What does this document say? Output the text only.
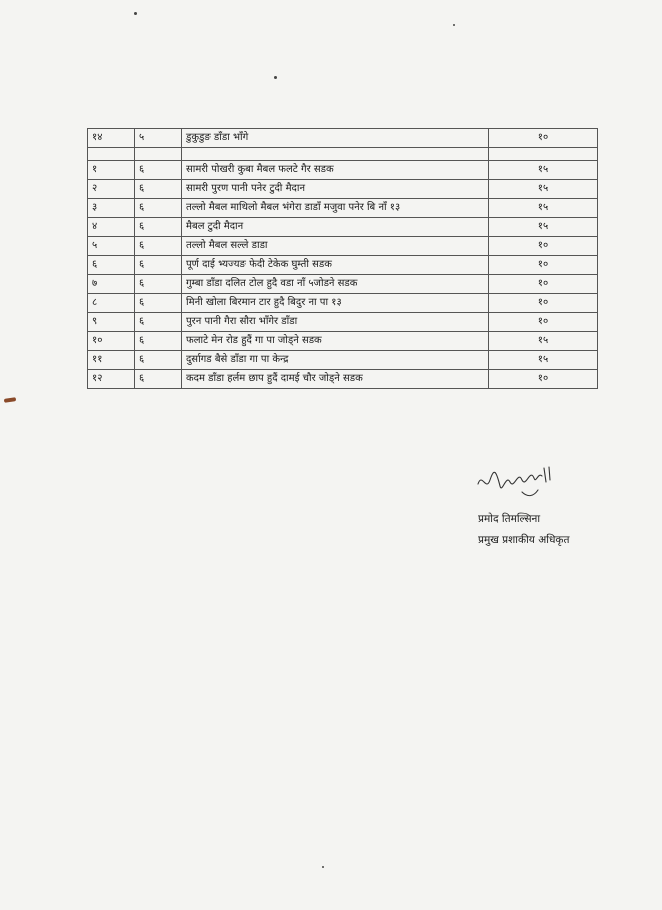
१४	५	डुकुडुङ डाँडा भाँगे	१०

१	६	सामरी पोखरी कुबा मैबल फलटे गैर सडक	१५
२	६	सामरी पुरण पानी पनेर टुदी मैदान	१५
३	६	तल्लो मैबल माथिलो मैबल भंगेरा डाडाँ मजुवा पनेर बि नाँ १३	१५
४	६	मैबल टुदी मैदान	१५
५	६	तल्लो मैबल सल्ले डाडा	१०
६	६	पूर्ण दाई भ्यज्यङ फेदी टेकेक घुम्ती सडक	१०
७	६	गुम्बा डाँडा दलित टोल हुदै वडा नाँ ५जोडने सडक	१०
८	६	मिनी खोला बिरमान टार हुदै बिदुर ना पा १३	१०
९	६	पुरन पानी गैरा सौरा भाँगेर डाँडा	१०
१०	६	फलाटे मेन रोड हुदैं गा पा जोड्ने सडक	१५
११	६	दुर्सागड बैसे डाँडा गा पा केन्द्र	१५
१२	६	कदम डाँडा हर्लम छाप हुदैं दामई चौर जोड्ने सडक	१०
प्रमोद तिमल्सिना
प्रमुख प्रशाकीय अधिकृत
